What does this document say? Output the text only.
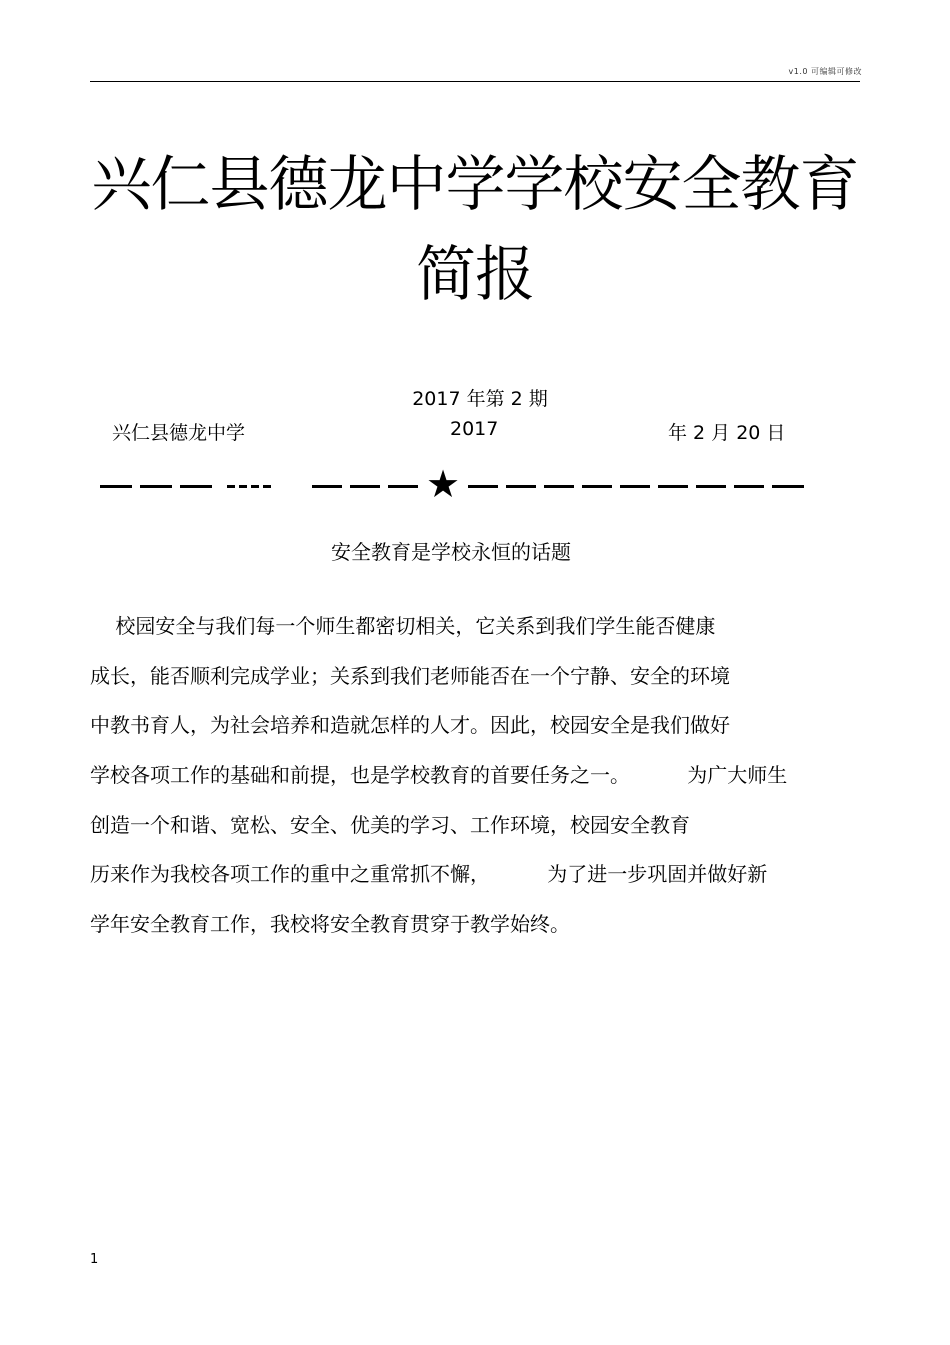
v1.0 可编辑可修改
兴仁县德龙中学学校安全教育
简报
2017 年第 2 期
兴仁县德龙中学	2017	年 2 月 20 日
★
安全教育是学校永恒的话题
校园安全与我们每一个师生都密切相关，它关系到我们学生能否健康
成长，能否顺利完成学业；关系到我们老师能否在一个宁静、安全的环境
中教书育人，为社会培养和造就怎样的人才。因此，校园安全是我们做好
学校各项工作的基础和前提，也是学校教育的首要任务之一。         为广大师生
创造一个和谐、宽松、安全、优美的学习、工作环境，校园安全教育
历来作为我校各项工作的重中之重常抓不懈，         为了进一步巩固并做好新
学年安全教育工作，我校将安全教育贯穿于教学始终。
1
